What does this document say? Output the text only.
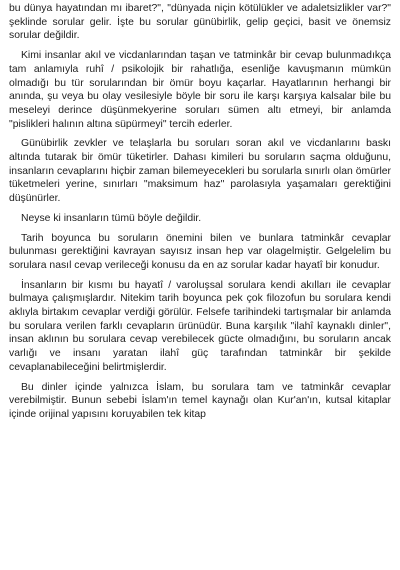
bu dünya hayatından mı ibaret?", "dünyada niçin kötülükler ve adaletsizlikler var?" şeklinde sorular gelir. İşte bu sorular günübirlik, gelip geçici, basit ve önemsiz sorular değildir.

Kimi insanlar akıl ve vicdanlarından taşan ve tatminkâr bir cevap bulunmadıkça tam anlamıyla ruhî / psikolojik bir rahatlığa, esenliğe kavuşmanın mümkün olmadığı bu tür sorularından bir ömür boyu kaçarlar. Hayatlarının herhangi bir anında, şu veya bu olay vesilesiyle böyle bir soru ile karşı karşıya kalsalar bile bu meseleyi derince düşünmekyerine soruları sümen altı etmeyi, bir anlamda "pislikleri halının altına süpürmeyi" tercih ederler.

Günübirlik zevkler ve telaşlarla bu soruları soran akıl ve vicdanlarını baskı altında tutarak bir ömür tüketirler. Dahası kimileri bu soruların saçma olduğunu, insanların cevaplarını hiçbir zaman bilemeyecekleri bu sorularla sınırlı olan ömürler tüketmeleri yerine, sınırları "maksimum haz" parolasıyla yaşamaları gerektiğini düşünürler.

Neyse ki insanların tümü böyle değildir.

Tarih boyunca bu soruların önemini bilen ve bunlara tatminkâr cevaplar bulunması gerektiğini kavrayan sayısız insan hep var olagelmiştir. Gelgelelim bu sorulara nasıl cevap verileceği konusu da en az sorular kadar hayatî bir konudur.

İnsanların bir kısmı bu hayatî / varoluşsal sorulara kendi akılları ile cevaplar bulmaya çalışmışlardır. Nitekim tarih boyunca pek çok filozofun bu sorulara kendi aklıyla birtakım cevaplar verdiği görülür. Felsefe tarihindeki tartışmalar bir anlamda bu sorulara verilen farklı cevapların ürünüdür. Buna karşılık "ilahî kaynaklı dinler", insan aklının bu sorulara cevap verebilecek gücte olmadığını, bu soruların ancak varlığı ve insanı yaratan ilahî güç tarafından tatminkâr bir şekilde cevaplanabileceğini belirtmişlerdir.

Bu dinler içinde yalnızca İslam, bu sorulara tam ve tatminkâr cevaplar verebilmiştir. Bunun sebebi İslam'ın temel kaynağı olan Kur'an'ın, kutsal kitaplar içinde orijinal yapısını koruyabilen tek kitap
